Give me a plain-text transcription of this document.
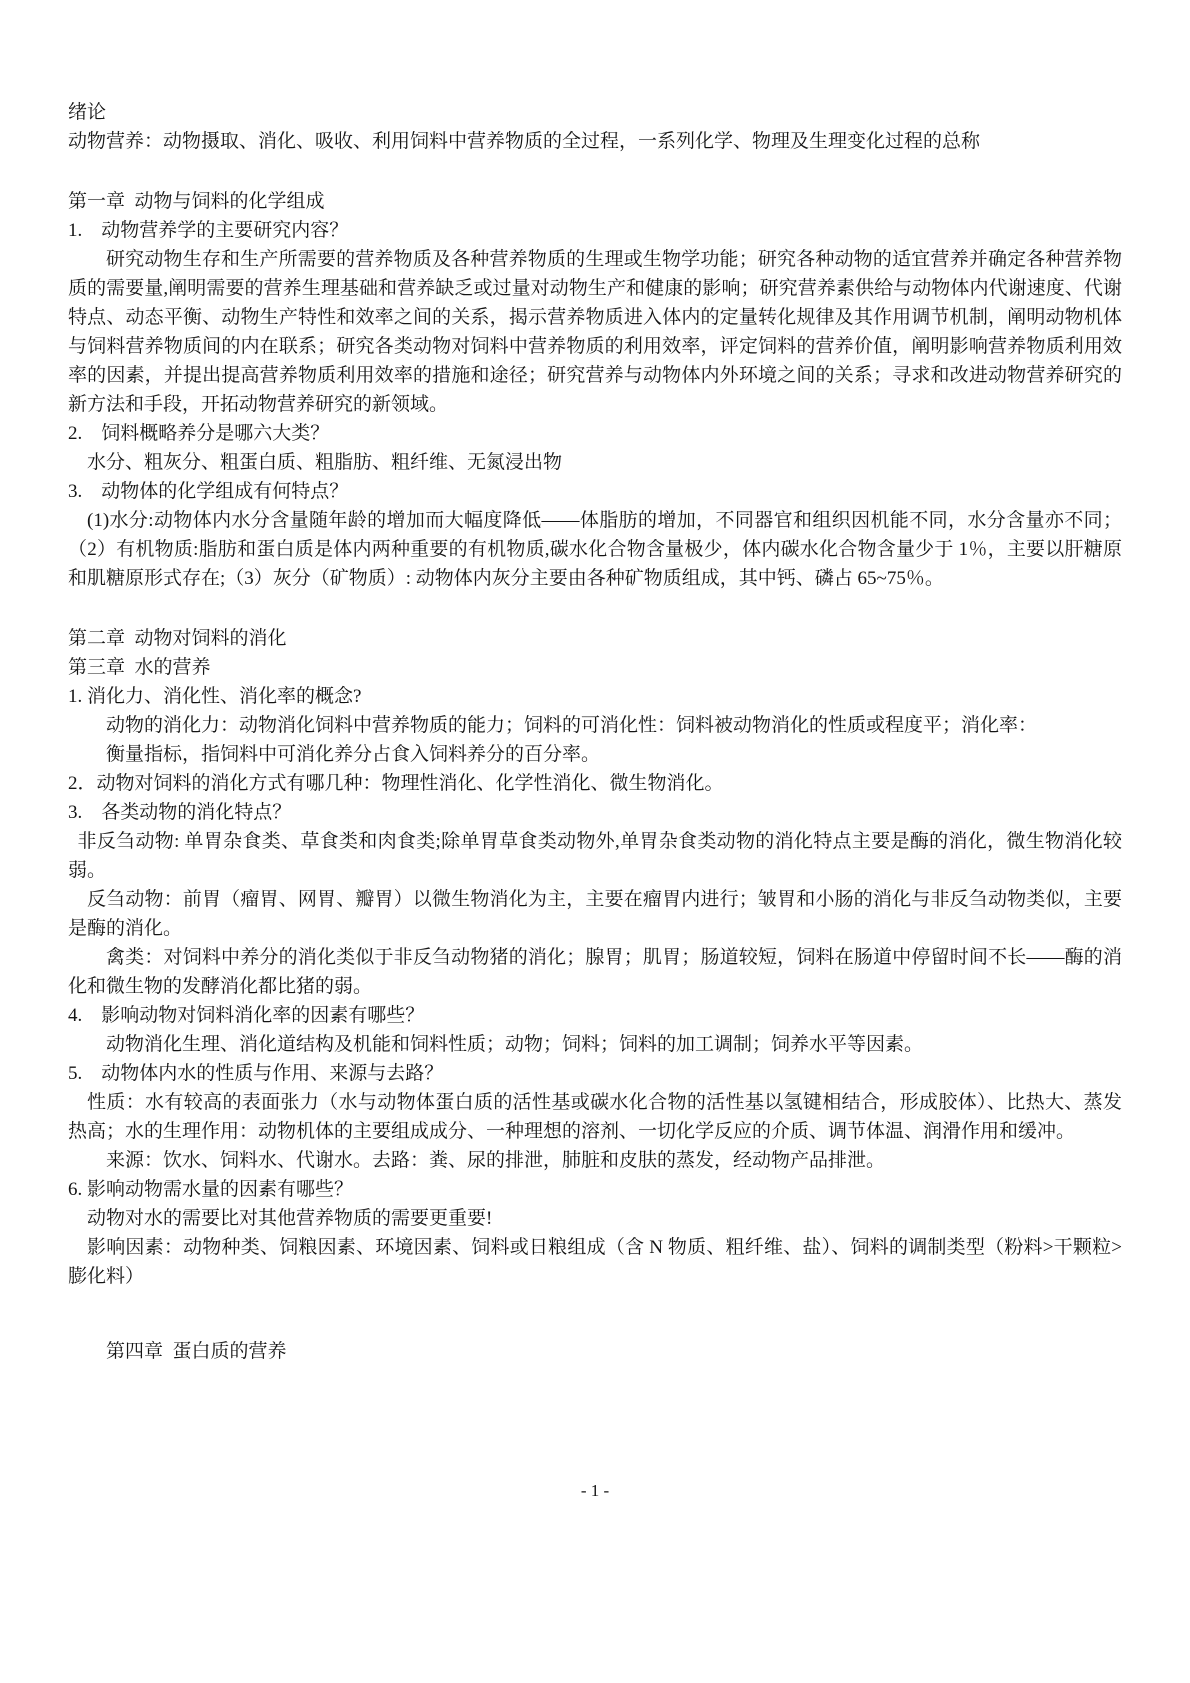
绪论
动物营养：动物摄取、消化、吸收、利用饲料中营养物质的全过程，一系列化学、物理及生理变化过程的总称
第一章  动物与饲料的化学组成
1.　动物营养学的主要研究内容？
研究动物生存和生产所需要的营养物质及各种营养物质的生理或生物学功能；研究各种动物的适宜营养并确定各种营养物质的需要量,阐明需要的营养生理基础和营养缺乏或过量对动物生产和健康的影响；研究营养素供给与动物体内代谢速度、代谢特点、动态平衡、动物生产特性和效率之间的关系，揭示营养物质进入体内的定量转化规律及其作用调节机制，阐明动物机体与饲料营养物质间的内在联系；研究各类动物对饲料中营养物质的利用效率，评定饲料的营养价值，阐明影响营养物质利用效率的因素，并提出提高营养物质利用效率的措施和途径；研究营养与动物体内外环境之间的关系；寻求和改进动物营养研究的新方法和手段，开拓动物营养研究的新领域。
2.　饲料概略养分是哪六大类？
水分、粗灰分、粗蛋白质、粗脂肪、粗纤维、无氮浸出物
3.　动物体的化学组成有何特点？
(1)水分:动物体内水分含量随年龄的增加而大幅度降低——体脂肪的增加，不同器官和组织因机能不同，水分含量亦不同；（2）有机物质:脂肪和蛋白质是体内两种重要的有机物质,碳水化合物含量极少，体内碳水化合物含量少于 1％，主要以肝糖原和肌糖原形式存在;（3）灰分（矿物质）: 动物体内灰分主要由各种矿物质组成，其中钙、磷占 65~75％。
第二章  动物对饲料的消化
第三章  水的营养
1. 消化力、消化性、消化率的概念?
动物的消化力：动物消化饲料中营养物质的能力；饲料的可消化性：饲料被动物消化的性质或程度平；消化率：
衡量指标，指饲料中可消化养分占食入饲料养分的百分率。
2．动物对饲料的消化方式有哪几种：物理性消化、化学性消化、微生物消化。
3.　各类动物的消化特点？
非反刍动物: 单胃杂食类、草食类和肉食类;除单胃草食类动物外,单胃杂食类动物的消化特点主要是酶的消化，微生物消化较弱。
反刍动物：前胃（瘤胃、网胃、瓣胃）以微生物消化为主，主要在瘤胃内进行；皱胃和小肠的消化与非反刍动物类似，主要是酶的消化。
禽类：对饲料中养分的消化类似于非反刍动物猪的消化；腺胃；肌胃；肠道较短，饲料在肠道中停留时间不长——酶的消化和微生物的发酵消化都比猪的弱。
4.　影响动物对饲料消化率的因素有哪些？
动物消化生理、消化道结构及机能和饲料性质；动物；饲料；饲料的加工调制；饲养水平等因素。
5.　动物体内水的性质与作用、来源与去路？
性质：水有较高的表面张力（水与动物体蛋白质的活性基或碳水化合物的活性基以氢键相结合，形成胶体）、比热大、蒸发热高；水的生理作用：动物机体的主要组成成分、一种理想的溶剂、一切化学反应的介质、调节体温、润滑作用和缓冲。
来源：饮水、饲料水、代谢水。去路：粪、尿的排泄，肺脏和皮肤的蒸发，经动物产品排泄。
6. 影响动物需水量的因素有哪些？
动物对水的需要比对其他营养物质的需要更重要!
影响因素：动物种类、饲粮因素、环境因素、饲料或日粮组成（含 N 物质、粗纤维、盐）、饲料的调制类型（粉料>干颗粒>膨化料）
第四章  蛋白质的营养
- 1 -
